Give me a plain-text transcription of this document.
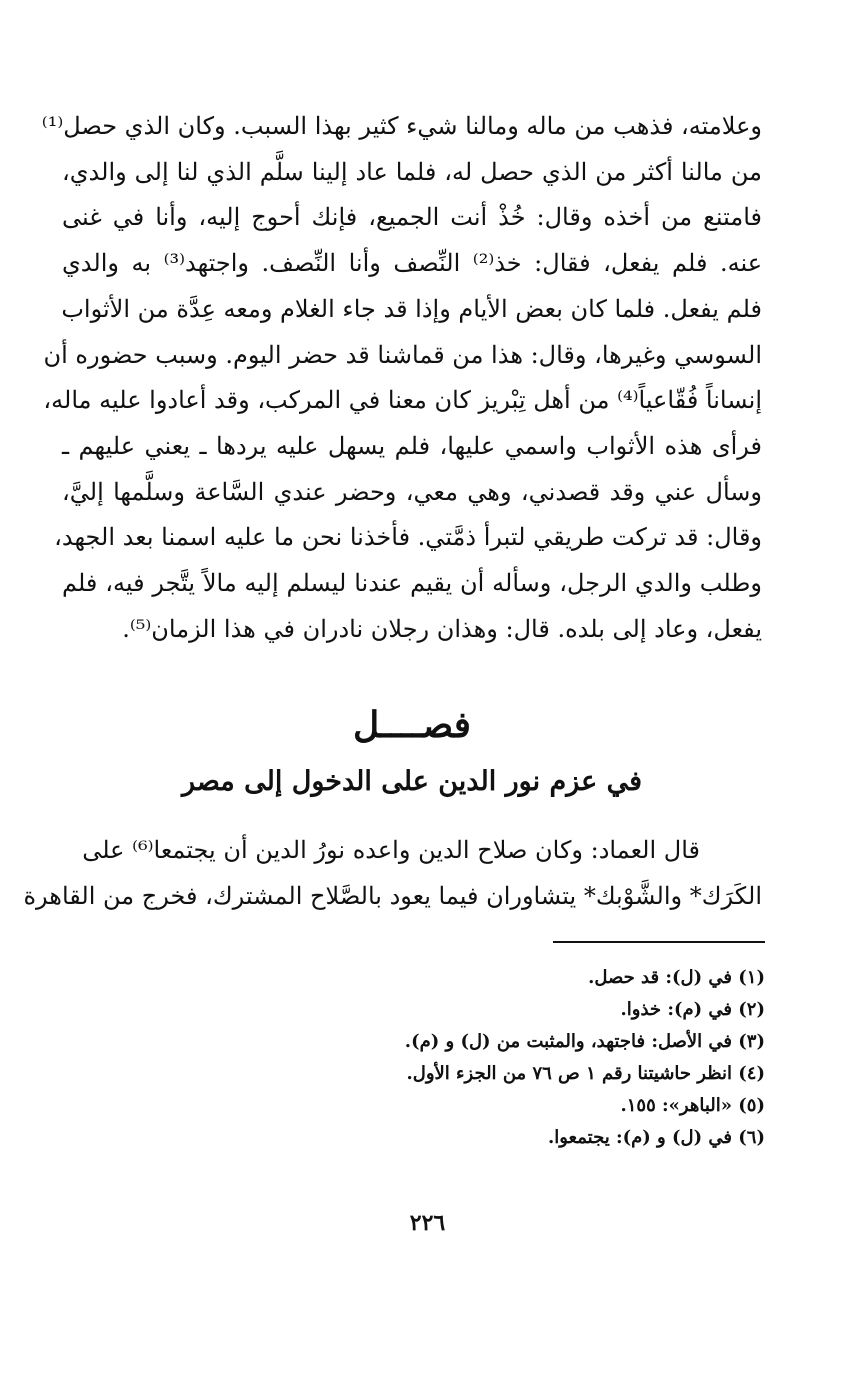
وعلامته، فذهب من ماله ومالنا شيء كثير بهذا السبب. وكان الذي حصل⁽¹⁾
من مالنا أكثر من الذي حصل له، فلما عاد إلينا سلَّم الذي لنا إلى والدي،
فامتنع من أخذه وقال: خُذْ أنت الجميع، فإنك أحوج إليه، وأنا في غنى
عنه. فلم يفعل، فقال: خذ⁽²⁾ النِّصف وأنا النِّصف. واجتهد⁽³⁾ به والدي
فلم يفعل. فلما كان بعض الأيام وإذا قد جاء الغلام ومعه عِدَّة من الأثواب
السوسي وغيرها، وقال: هذا من قماشنا قد حضر اليوم. وسبب حضوره أن
إنساناً فُقّاعياً⁽⁴⁾ من أهل تِبْريز كان معنا في المركب، وقد أعادوا عليه ماله،
فرأى هذه الأثواب واسمي عليها، فلم يسهل عليه يردها ـ يعني عليهم ـ
وسأل عني وقد قصدني، وهي معي، وحضر عندي السَّاعة وسلَّمها إليَّ،
وقال: قد تركت طريقي لتبرأ ذمَّتي. فأخذنا نحن ما عليه اسمنا بعد الجهد،
وطلب والدي الرجل، وسأله أن يقيم عندنا ليسلم إليه مالاً يتَّجر فيه، فلم
يفعل، وعاد إلى بلده. قال: وهذان رجلان نادران في هذا الزمان⁽⁵⁾.
فصــــل
في عزم نور الدين على الدخول إلى مصر
قال العماد: وكان صلاح الدين واعده نورُ الدين أن يجتمعا⁽⁶⁾ على
الكَرَك* والشَّوْبك* يتشاوران فيما يعود بالصَّلاح المشترك، فخرج من القاهرة
(١) في (ل): قد حصل.
(٢) في (م): خذوا.
(٣) في الأصل: فاجتهد، والمثبت من (ل) و (م).
(٤) انظر حاشيتنا رقم ١ ص ٧٦ من الجزء الأول.
(٥) «الباهر»: ١٥٥.
(٦) في (ل) و (م): يجتمعوا.
٢٢٦
